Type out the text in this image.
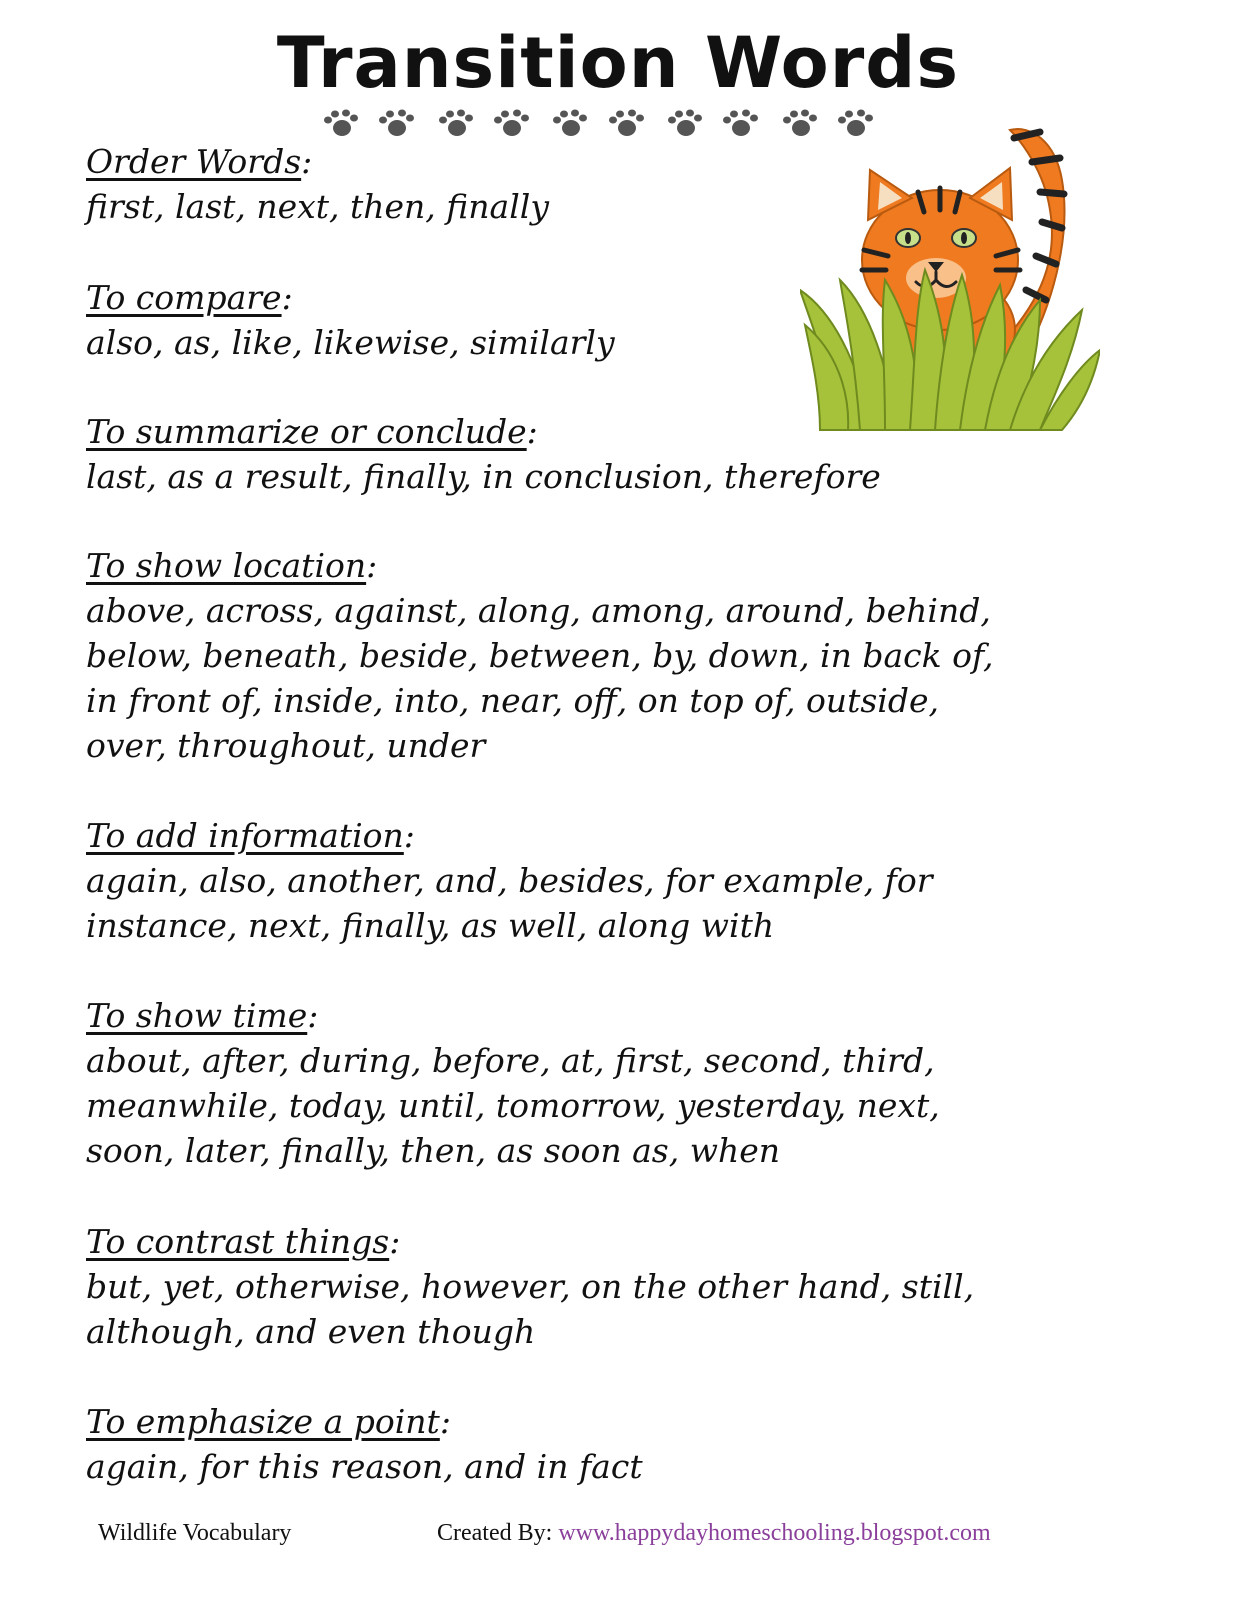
Transition Words

Order Words:

first, last, next, then, finally

To compare:

also, as, like, likewise, similarly

To summarize or conclude:

last, as a result, finally, in conclusion, therefore

To show location:

above, across, against, along, among, around, behind,
below, beneath, beside, between, by, down, in back of,
in front of, inside, into, near, off, on top of, outside,
over, throughout, under

To add information:

again, also, another, and, besides, for example, for
instance, next, finally, as well, along with

To show time:

about, after, during, before, at, first, second, third,
meanwhile, today, until, tomorrow, yesterday, next,
soon, later, finally, then, as soon as, when

To contrast things:

but, yet, otherwise, however, on the other hand, still,
although, and even though

To emphasize a point:

again, for this reason, and in fact

Wildlife Vocabulary	Created By: www.happydayhomeschooling.blogspot.com
